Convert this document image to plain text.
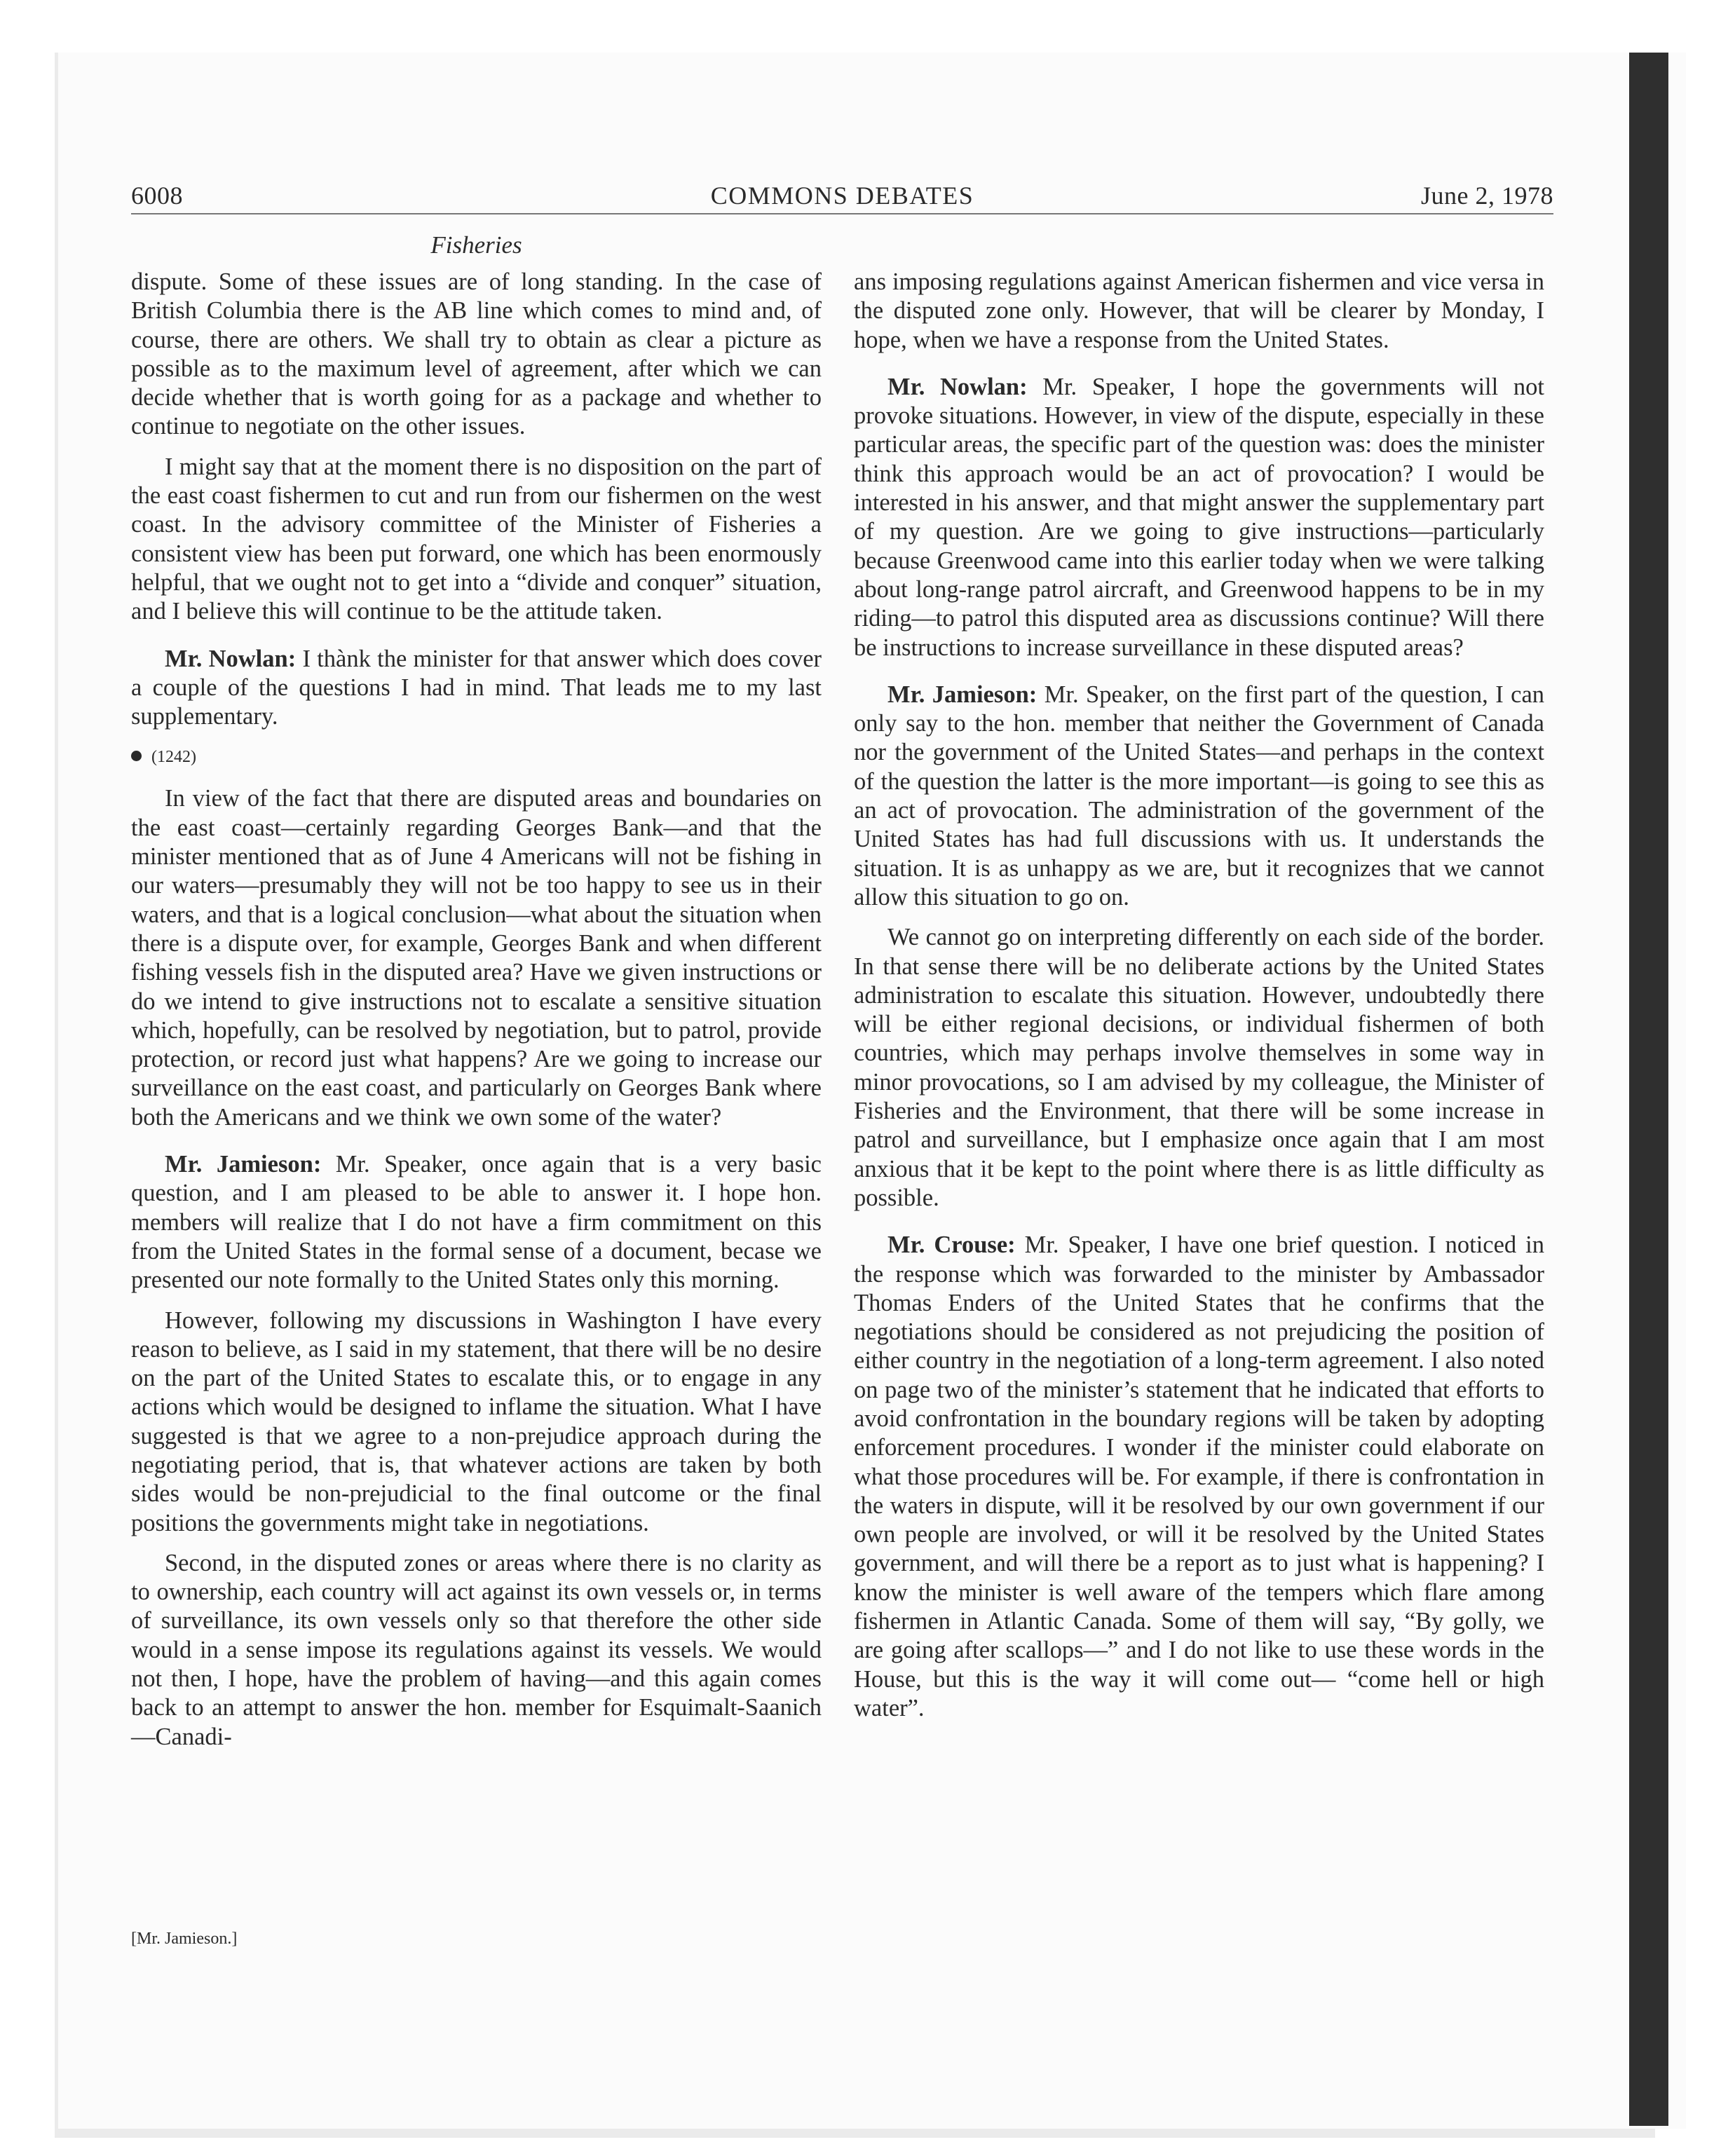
6008	COMMONS DEBATES	June 2, 1978
Fisheries

dispute. Some of these issues are of long standing. In the case of British Columbia there is the AB line which comes to mind and, of course, there are others. We shall try to obtain as clear a picture as possible as to the maximum level of agreement, after which we can decide whether that is worth going for as a package and whether to continue to negotiate on the other issues.

I might say that at the moment there is no disposition on the part of the east coast fishermen to cut and run from our fishermen on the west coast. In the advisory committee of the Minister of Fisheries a consistent view has been put forward, one which has been enormously helpful, that we ought not to get into a “divide and conquer” situation, and I believe this will continue to be the attitude taken.

Mr. Nowlan: I thànk the minister for that answer which does cover a couple of the questions I had in mind. That leads me to my last supplementary.

(1242)

In view of the fact that there are disputed areas and boundaries on the east coast—certainly regarding Georges Bank—and that the minister mentioned that as of June 4 Americans will not be fishing in our waters—presumably they will not be too happy to see us in their waters, and that is a logical conclusion—what about the situation when there is a dispute over, for example, Georges Bank and when different fishing vessels fish in the disputed area? Have we given instructions or do we intend to give instructions not to escalate a sensitive situation which, hopefully, can be resolved by negotiation, but to patrol, provide protection, or record just what happens? Are we going to increase our surveillance on the east coast, and particularly on Georges Bank where both the Americans and we think we own some of the water?

Mr. Jamieson: Mr. Speaker, once again that is a very basic question, and I am pleased to be able to answer it. I hope hon. members will realize that I do not have a firm commitment on this from the United States in the formal sense of a document, becase we presented our note formally to the United States only this morning.

However, following my discussions in Washington I have every reason to believe, as I said in my statement, that there will be no desire on the part of the United States to escalate this, or to engage in any actions which would be designed to inflame the situation. What I have suggested is that we agree to a non-prejudice approach during the negotiating period, that is, that whatever actions are taken by both sides would be non-prejudicial to the final outcome or the final positions the governments might take in negotiations.

Second, in the disputed zones or areas where there is no clarity as to ownership, each country will act against its own vessels or, in terms of surveillance, its own vessels only so that therefore the other side would in a sense impose its regulations against its vessels. We would not then, I hope, have the problem of having—and this again comes back to an attempt to answer the hon. member for Esquimalt-Saanich—Canadi-

ans imposing regulations against American fishermen and vice versa in the disputed zone only. However, that will be clearer by Monday, I hope, when we have a response from the United States.

Mr. Nowlan: Mr. Speaker, I hope the governments will not provoke situations. However, in view of the dispute, especially in these particular areas, the specific part of the question was: does the minister think this approach would be an act of provocation? I would be interested in his answer, and that might answer the supplementary part of my question. Are we going to give instructions—particularly because Greenwood came into this earlier today when we were talking about long-range patrol aircraft, and Greenwood happens to be in my riding—to patrol this disputed area as discussions continue? Will there be instructions to increase surveillance in these disputed areas?

Mr. Jamieson: Mr. Speaker, on the first part of the question, I can only say to the hon. member that neither the Government of Canada nor the government of the United States—and perhaps in the context of the question the latter is the more important—is going to see this as an act of provocation. The administration of the government of the United States has had full discussions with us. It understands the situation. It is as unhappy as we are, but it recognizes that we cannot allow this situation to go on.

We cannot go on interpreting differently on each side of the border. In that sense there will be no deliberate actions by the United States administration to escalate this situation. However, undoubtedly there will be either regional decisions, or individual fishermen of both countries, which may perhaps involve themselves in some way in minor provocations, so I am advised by my colleague, the Minister of Fisheries and the Environment, that there will be some increase in patrol and surveillance, but I emphasize once again that I am most anxious that it be kept to the point where there is as little difficulty as possible.

Mr. Crouse: Mr. Speaker, I have one brief question. I noticed in the response which was forwarded to the minister by Ambassador Thomas Enders of the United States that he confirms that the negotiations should be considered as not prejudicing the position of either country in the negotiation of a long-term agreement. I also noted on page two of the minister’s statement that he indicated that efforts to avoid confrontation in the boundary regions will be taken by adopting enforcement procedures. I wonder if the minister could elaborate on what those procedures will be. For example, if there is confrontation in the waters in dispute, will it be resolved by our own government if our own people are involved, or will it be resolved by the United States government, and will there be a report as to just what is happening? I know the minister is well aware of the tempers which flare among fishermen in Atlantic Canada. Some of them will say, “By golly, we are going after scallops—” and I do not like to use these words in the House, but this is the way it will come out— “come hell or high water”.

[Mr. Jamieson.]
